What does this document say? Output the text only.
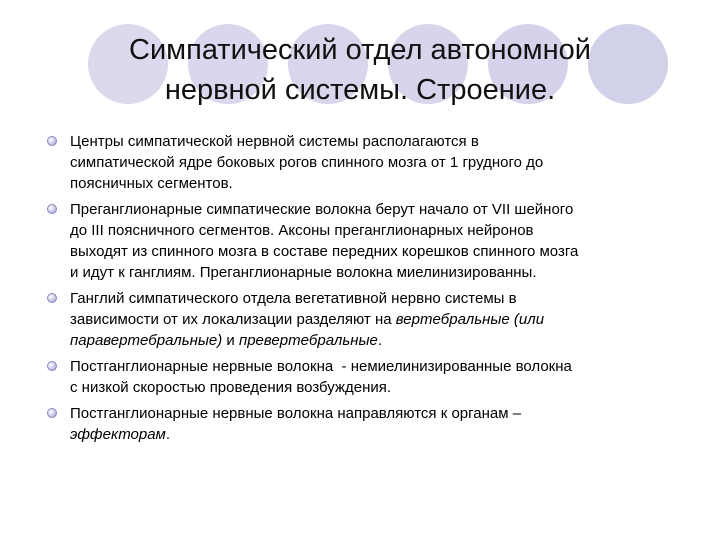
Симпатический отдел автономной
нервной системы. Строение.
Центры симпатической нервной системы располагаются в
симпатической ядре боковых рогов спинного мозга от 1 грудного до
поясничных сегментов.
Преганглионарные симпатические волокна берут начало от VII шейного
до III поясничного сегментов. Аксоны преганглионарных нейронов
выходят из спинного мозга в составе передних корешков спинного мозга
и идут к ганглиям. Преганглионарные волокна миелинизированны.
Ганглий симпатического отдела вегетативной нервно системы в
зависимости от их локализации разделяют на вертебральные (или
паравертебральные) и превертебральные.
Постганглионарные нервные волокна  - немиелинизированные волокна
с низкой скоростью проведения возбуждения.
Постганглионарные нервные волокна направляются к органам –
эффекторам.
